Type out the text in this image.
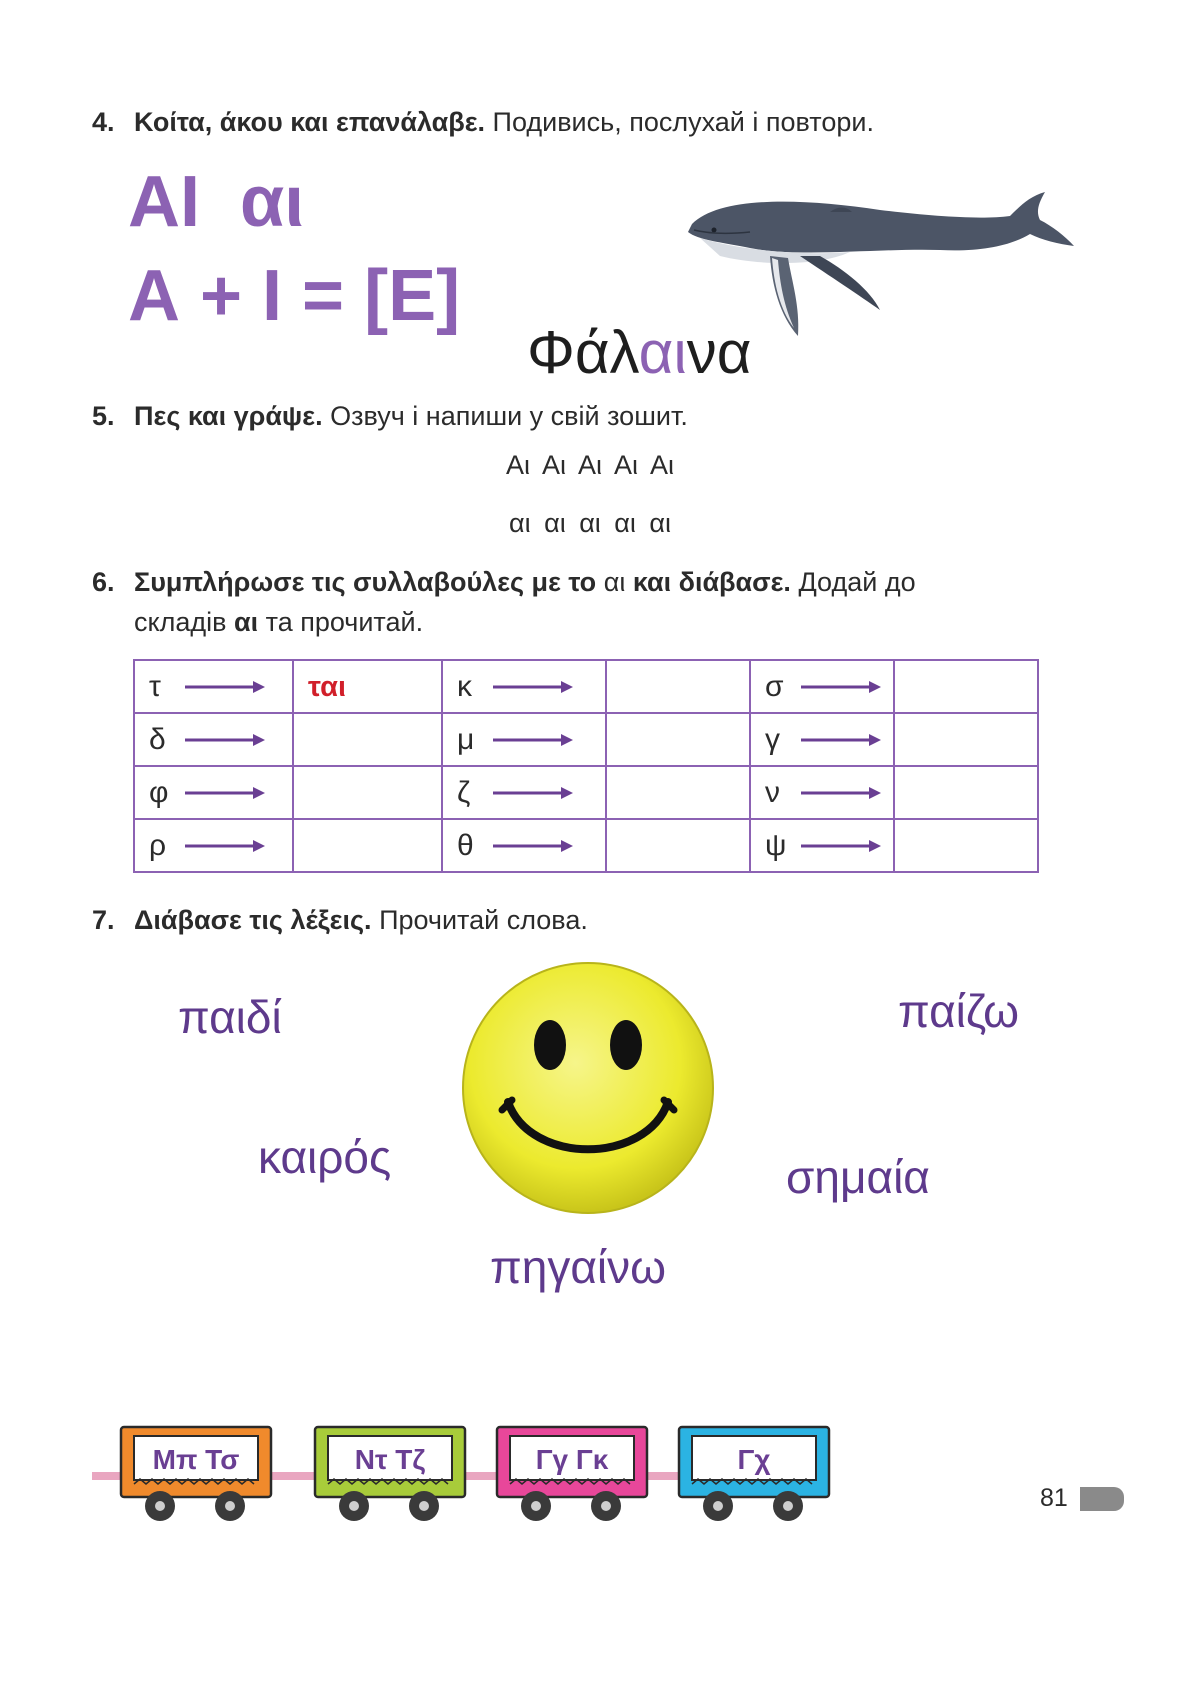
4. Κοίτα, άκου και επανάλαβε. Подивись, послухай і повтори.
ΑΙ  αι
Α + Ι = [Ε]
Φάλαινα
5. Πες και γράψε. Озвуч і напиши у свій зошит.
Αι Αι Αι Αι Αι
αι αι αι αι αι
6. Συμπλήρωσε τις συλλαβούλες με το αι και διάβασε. Додай до
складів αι та прочитай.
τ	ται	κ		σ	

δ		μ		γ	

φ		ζ		ν	

ρ		θ		ψ	

7. Διάβασε τις λέξεις. Прочитай слова.
παιδί	παίζω
καιρός	σημαία
πηγαίνω
Μπ Τσ	Ντ Τζ	Γγ Γκ	Γχ
81
